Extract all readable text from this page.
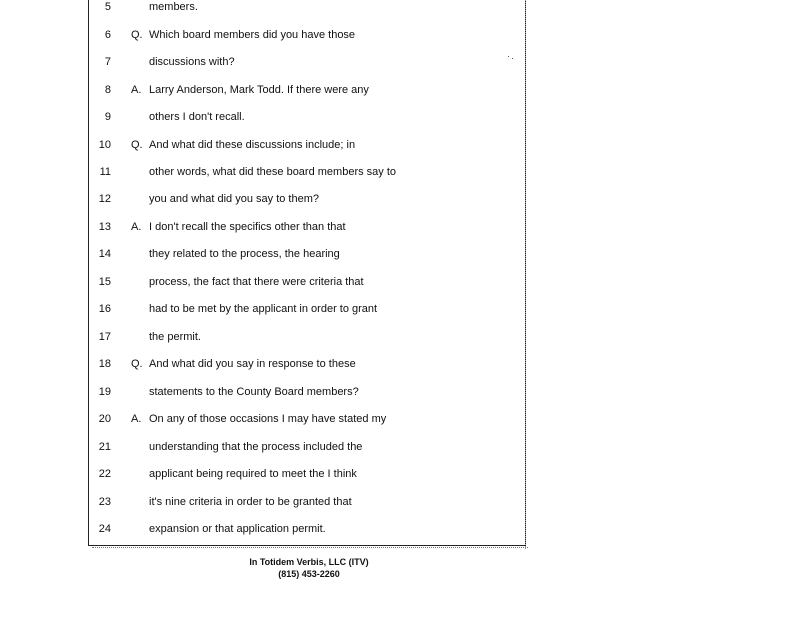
5	members.
6 Q. Which board members did you have those
7	discussions with?
8 A. Larry Anderson, Mark Todd. If there were any
9	others I don't recall.
10 Q. And what did these discussions include; in
11	other words, what did these board members say to
12	you and what did you say to them?
13 A. I don't recall the specifics other than that
14	they related to the process, the hearing
15	process, the fact that there were criteria that
16	had to be met by the applicant in order to grant
17	the permit.
18 Q. And what did you say in response to these
19	statements to the County Board members?
20 A. On any of those occasions I may have stated my
21	understanding that the process included the
22	applicant being required to meet the I think
23	it's nine criteria in order to be granted that
24	expansion or that application permit.
In Totidem Verbis, LLC (ITV)
(815) 453-2260
